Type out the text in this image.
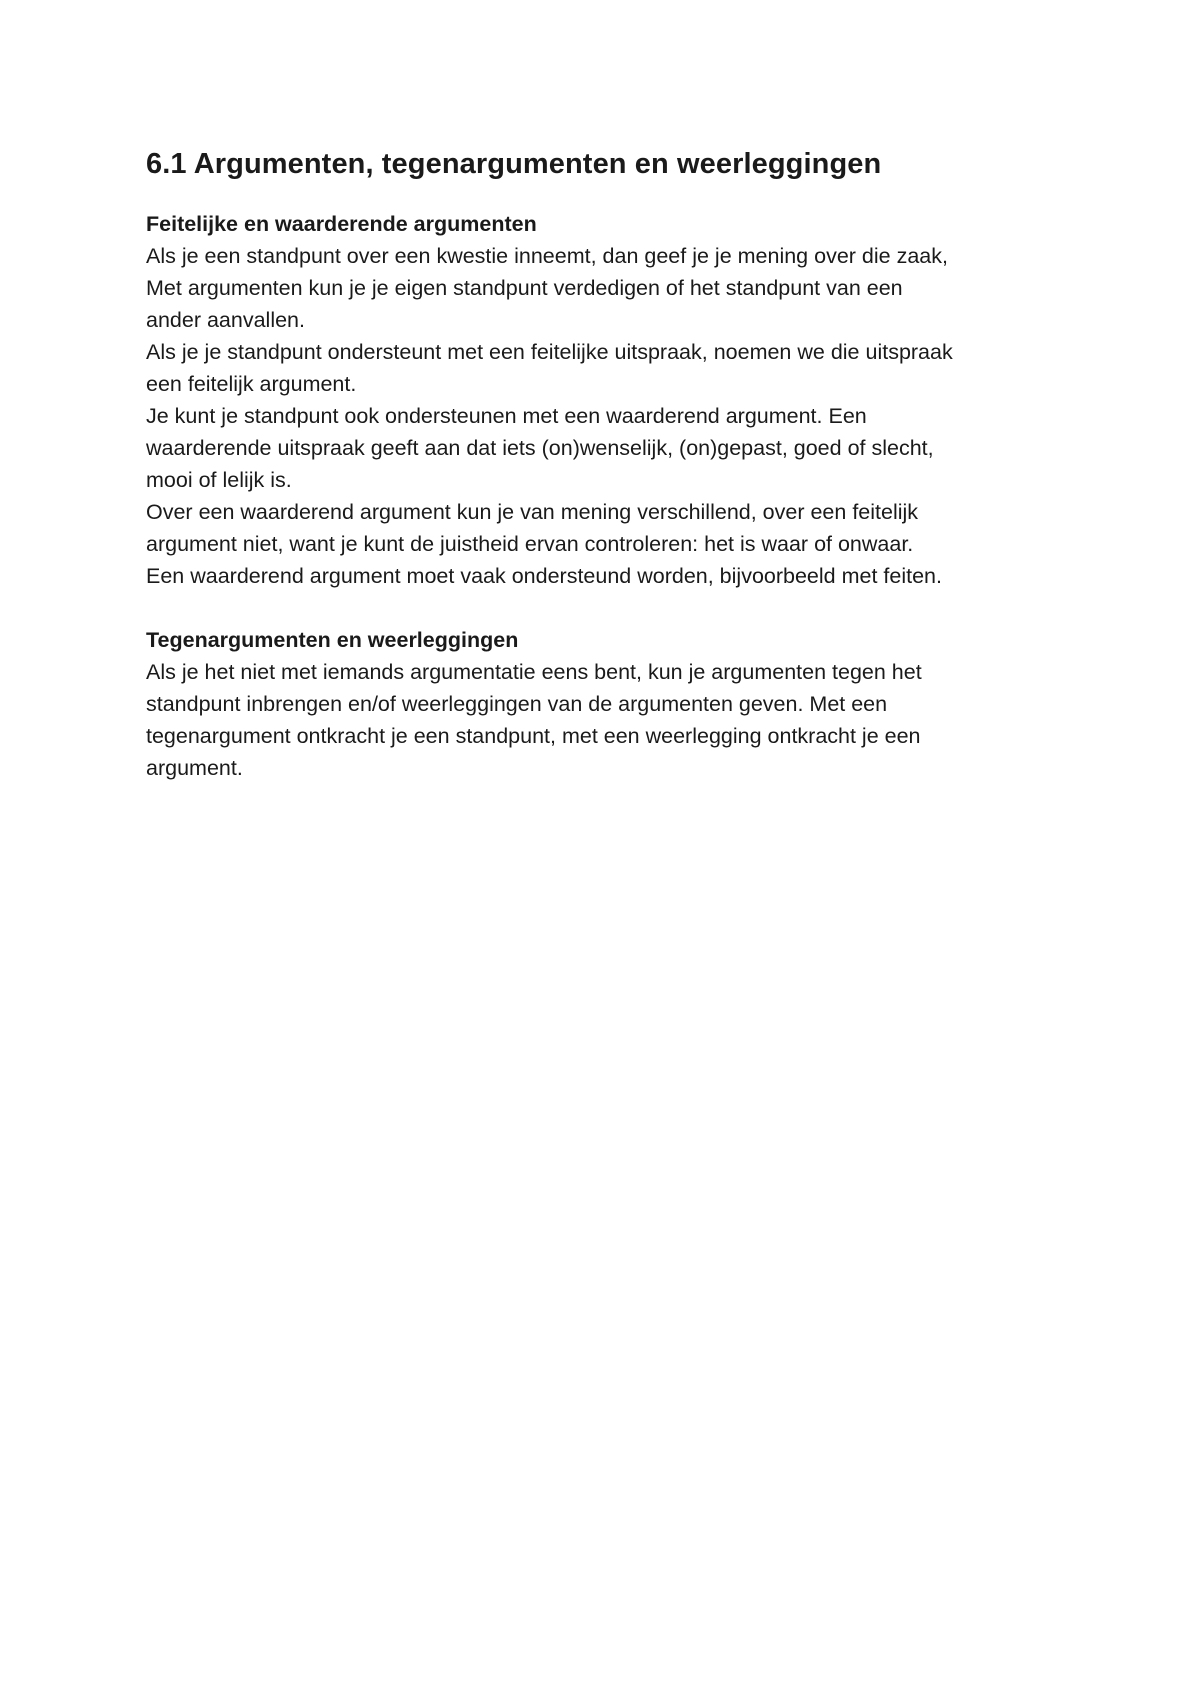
6.1 Argumenten, tegenargumenten en weerleggingen
Feitelijke en waarderende argumenten
Als je een standpunt over een kwestie inneemt, dan geef je je mening over die zaak,
Met argumenten kun je je eigen standpunt verdedigen of het standpunt van een
ander aanvallen.
Als je je standpunt ondersteunt met een feitelijke uitspraak, noemen we die uitspraak
een feitelijk argument.
Je kunt je standpunt ook ondersteunen met een waarderend argument. Een
waarderende uitspraak geeft aan dat iets (on)wenselijk, (on)gepast, goed of slecht,
mooi of lelijk is.
Over een waarderend argument kun je van mening verschillend, over een feitelijk
argument niet, want je kunt de juistheid ervan controleren: het is waar of onwaar.
Een waarderend argument moet vaak ondersteund worden, bijvoorbeeld met feiten.
Tegenargumenten en weerleggingen
Als je het niet met iemands argumentatie eens bent, kun je argumenten tegen het
standpunt inbrengen en/of weerleggingen van de argumenten geven. Met een
tegenargument ontkracht je een standpunt, met een weerlegging ontkracht je een
argument.
